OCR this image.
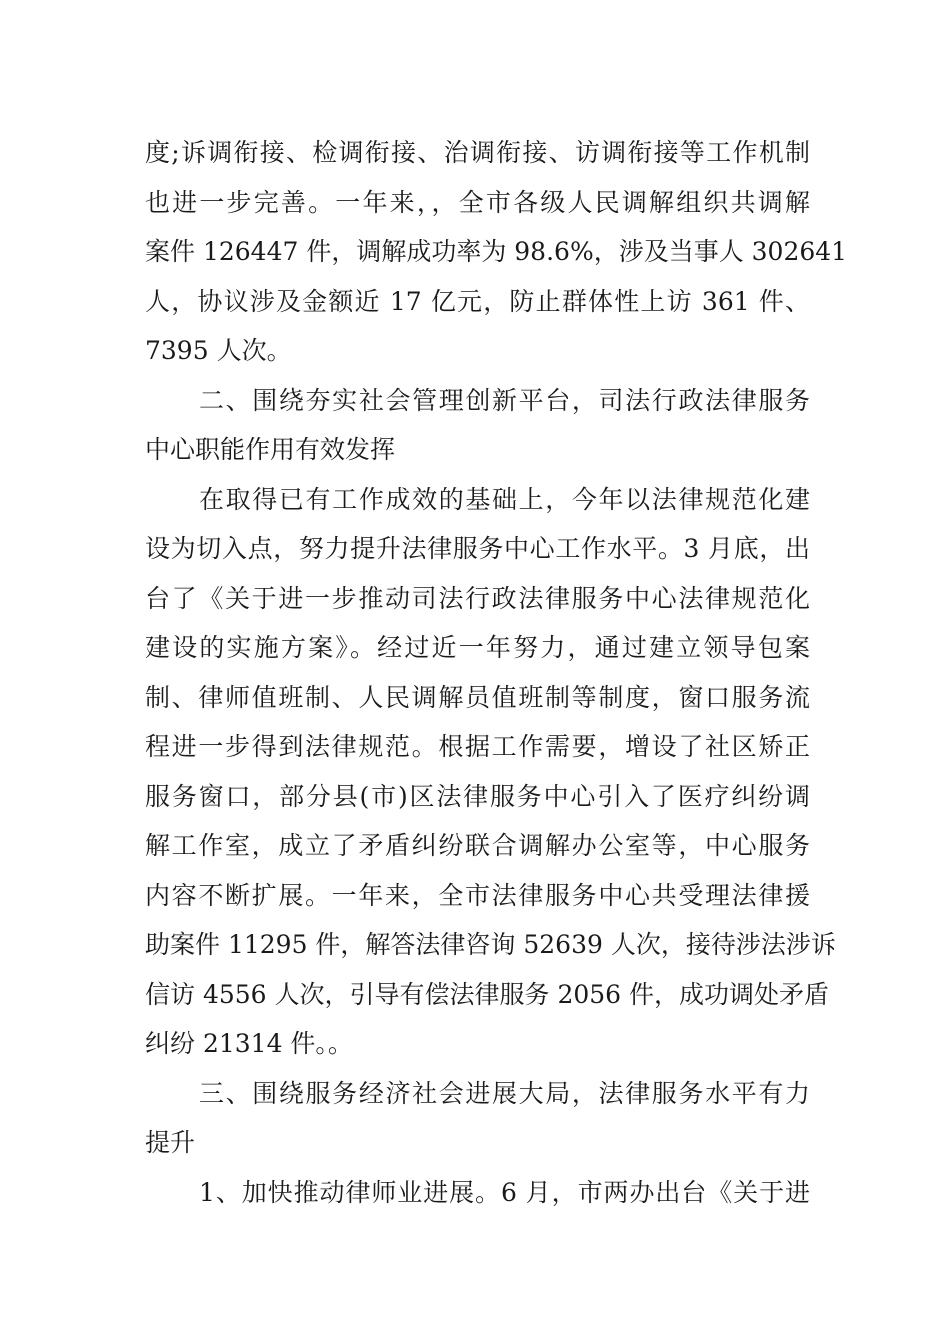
度;诉调衔接、检调衔接、治调衔接、访调衔接等工作机制
也进一步完善。一年来，，全市各级人民调解组织共调解
案件 126447 件，调解成功率为 98.6%，涉及当事人 302641
人，协议涉及金额近 17 亿元，防止群体性上访 361 件、
7395 人次。
二、围绕夯实社会管理创新平台，司法行政法律服务
中心职能作用有效发挥
在取得已有工作成效的基础上，今年以法律规范化建
设为切入点，努力提升法律服务中心工作水平。3 月底，出
台了《关于进一步推动司法行政法律服务中心法律规范化
建设的实施方案》。经过近一年努力，通过建立领导包案
制、律师值班制、人民调解员值班制等制度，窗口服务流
程进一步得到法律规范。根据工作需要，增设了社区矫正
服务窗口，部分县(市)区法律服务中心引入了医疗纠纷调
解工作室，成立了矛盾纠纷联合调解办公室等，中心服务
内容不断扩展。一年来，全市法律服务中心共受理法律援
助案件 11295 件，解答法律咨询 52639 人次，接待涉法涉诉
信访 4556 人次，引导有偿法律服务 2056 件，成功调处矛盾
纠纷 21314 件。。
三、围绕服务经济社会进展大局，法律服务水平有力
提升
1、加快推动律师业进展。6 月，市两办出台《关于进
